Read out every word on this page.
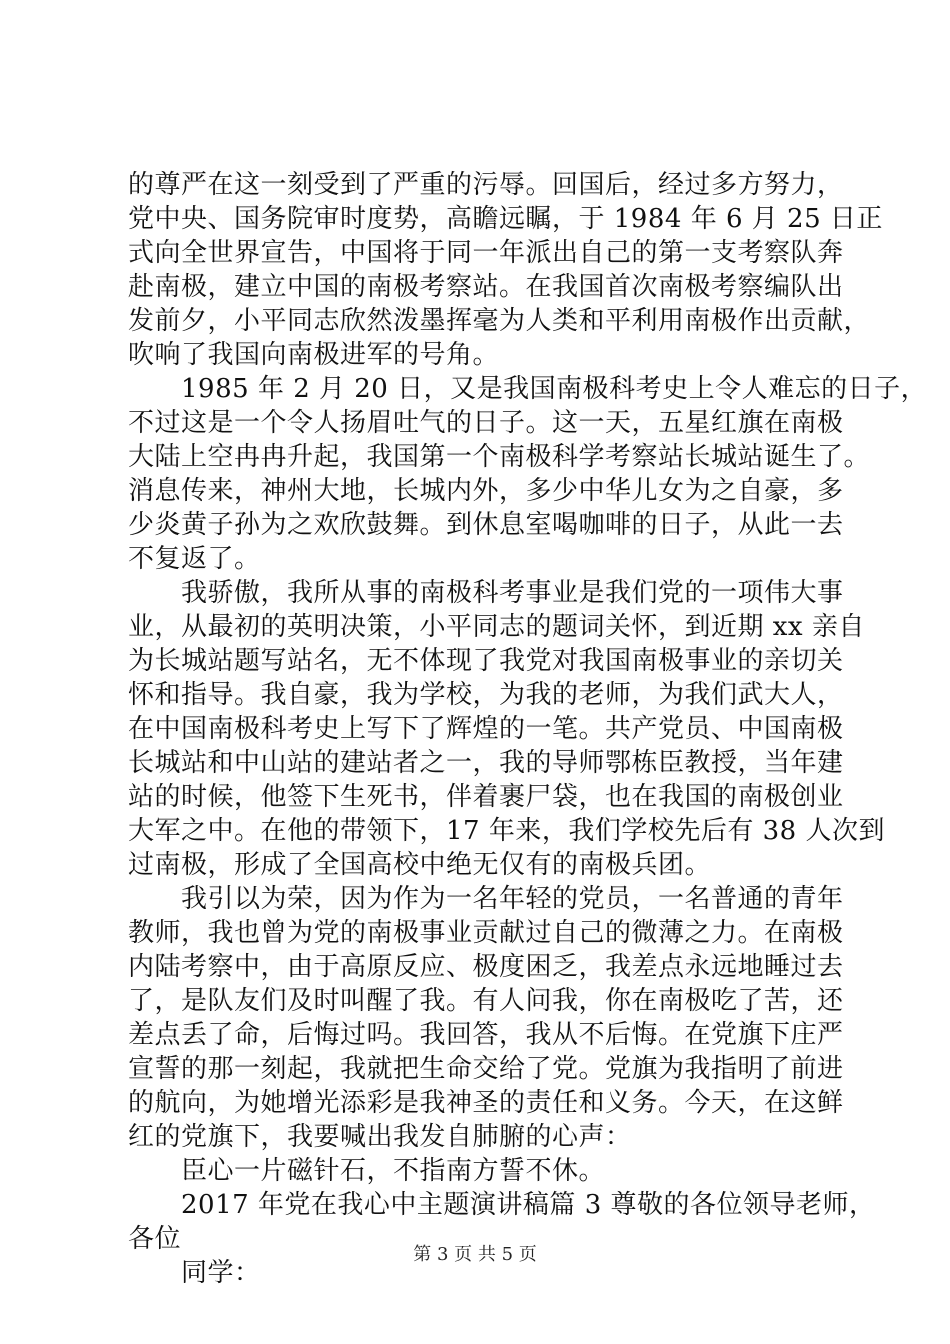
的尊严在这一刻受到了严重的污辱。回国后，经过多方努力，
党中央、国务院审时度势，高瞻远瞩，于 1984 年 6 月 25 日正
式向全世界宣告，中国将于同一年派出自己的第一支考察队奔
赴南极，建立中国的南极考察站。在我国首次南极考察编队出
发前夕，小平同志欣然泼墨挥毫为人类和平利用南极作出贡献，
吹响了我国向南极进军的号角。
　　1985 年 2 月 20 日，又是我国南极科考史上令人难忘的日子，
不过这是一个令人扬眉吐气的日子。这一天，五星红旗在南极
大陆上空冉冉升起，我国第一个南极科学考察站长城站诞生了。
消息传来，神州大地，长城内外，多少中华儿女为之自豪，多
少炎黄子孙为之欢欣鼓舞。到休息室喝咖啡的日子，从此一去
不复返了。
　　我骄傲，我所从事的南极科考事业是我们党的一项伟大事
业，从最初的英明决策，小平同志的题词关怀，到近期 xx 亲自
为长城站题写站名，无不体现了我党对我国南极事业的亲切关
怀和指导。我自豪，我为学校，为我的老师，为我们武大人，
在中国南极科考史上写下了辉煌的一笔。共产党员、中国南极
长城站和中山站的建站者之一，我的导师鄂栋臣教授，当年建
站的时候，他签下生死书，伴着裹尸袋，也在我国的南极创业
大军之中。在他的带领下，17 年来，我们学校先后有 38 人次到
过南极，形成了全国高校中绝无仅有的南极兵团。
　　我引以为荣，因为作为一名年轻的党员，一名普通的青年
教师，我也曾为党的南极事业贡献过自己的微薄之力。在南极
内陆考察中，由于高原反应、极度困乏，我差点永远地睡过去
了，是队友们及时叫醒了我。有人问我，你在南极吃了苦，还
差点丢了命，后悔过吗。我回答，我从不后悔。在党旗下庄严
宣誓的那一刻起，我就把生命交给了党。党旗为我指明了前进
的航向，为她增光添彩是我神圣的责任和义务。今天，在这鲜
红的党旗下，我要喊出我发自肺腑的心声：
　　臣心一片磁针石，不指南方誓不休。
　　2017 年党在我心中主题演讲稿篇 3 尊敬的各位领导老师，
各位
　　同学：
第 3 页 共 5 页
